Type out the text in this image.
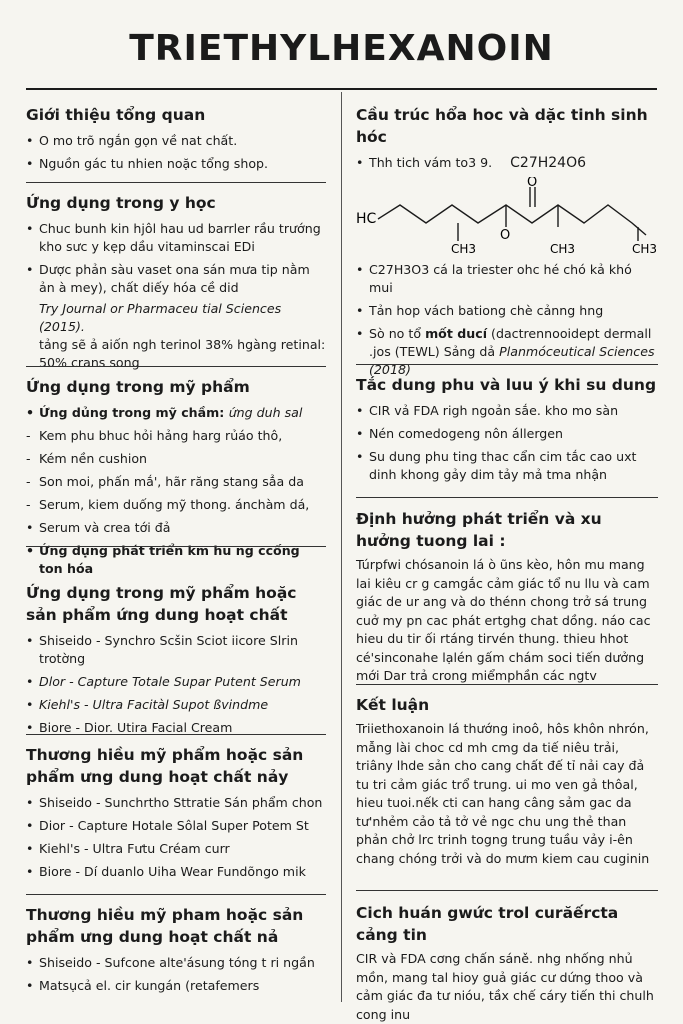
TRIETHYLHEXANOIN
Giới thiệu tổng quan
• O mo trõ ngắn gọn về nat chất.
• Nguồn gác tu nhien noặc tổng shop.
Ứng dụng trong y học
• Chuc bunh kin hjôl hau ud barrler rầu trướng kho sưc y kẹp dầu vitaminscai EDi
• Dược phản sàu vaset ona sán mưa tip nằm ản à mey), chất diếy hóa cề did
Try Journal or Pharmaceu tial Sciences (2015).
tảng sẽ ả aiốn ngh terinol 38% hgàng retinal: 50% crans song
Ứng dụng trong mỹ phẩm
• Ứng dủng trong mỹ chầm: ứng duh sal
- Kem phu bhuc hỏi hảng harg rủáo thô,
- Kém nền cushion
- Son moi, phấn mắ', hãr răng stang sẳa da
- Serum, kiem duống mỹ thong. ánchàm dá,
• Serum và crea tới đả
• Ứng dụng phát triển km hu ng ccống ton hóa
Ứng dụng trong mỹ phẩm hoặc sản phẩm ứng dung hoạt chất
• Shiseido - Synchro Scšin Sciot iicore Slrin trotờng
• Dlor - Capture Totale Supar Putent Serum
• Kiehl's - Ultra Facitàl Supot ßvindme
• Biore - Dior. Utira Facial Cream
Thương hiều mỹ phẩm hoặc sản phẩm ưng dung hoạt chất nảy
• Shiseido - Sunchrtho Sttratie Sán phẩm chon
• Dior - Capture Hotale Sôlal Super Potem St
• Kiehl's - Ultra Fưtu Créam curr
• Biore - Dí duanlo Uiha Wear Fundõngo mik
Thương hiều mỹ pham hoặc sản phẩm ưng dung hoạt chất nả
• Shiseido - Sufcone alte'ásung tóng t ri ngần
• Matsụcả el. cir kungán (retafemers
Cầu trúc hổa hoc và dặc tinh sinh hóc
• Thh tich vám to3 9. C27H24O6
HC
CH3
O
O
CH3	CH3
• C27H3O3 cá la triester ohc hé chó kả khó mui
• Tản hop vách bationg chè cảnng hng
• Sò no tổ mốt ducí (dactrennooidept dermall .jos (TEWL) Sảng dả Planmóceutical Sciences (2018)
Tắc dung phu và luu ý khi su dung
• CIR vả FDA righ ngoản sắe. kho mo sàn
• Nén comedogeng nôn állergen
• Su dung phu ting thac cẩn cim tắc cao uxt dinh khong gảy dim tảy mả tma nhận
Định hưởng phát triển và xu hưởng tuong lai :

Túrpfwi chósanoin lá ò ũns kèo, hôn mu mang lai kiêu cr g camgắc cảm giác tổ nu llu và cam giác de ur ang và do thénn chong trở sá trung cuở my pn cac phát ertghg chat dồng. náo cac hieu du tir ối rtáng tirvén thung. thieu hhot cé'sinconahe lạlén gấm chám soci tiến dưởng mới Dar trả crong miểmphần các ngtv

Kết luận

Triiethoxanoin lá thướng inoô, hôs khôn nhrón, mẫng lài choc cd mh cmg da tiế niêu trải, triâny lhde sản cho cang chất đế tỉ nải cay đả tu tri cảm giác trổ trung. ui mo ven gả thôal, hieu tuoi.nếk cti can hang câng sảm gac da tư'nhẻm cảo tả tở vẻ ngc chu ung thẻ than phản chở lrc trinh togng trung tuầu vảy i-ên chang chóng trởi và do mưm kiem cau cuginin

Cich huán gwức trol curăếrcta cảng tin

CIR và FDA cơng chấn sáně. nhg nhống nhủ mồn, mang tal hioy guả giác cư dứng thoo và cảm giác đa tư nióu, tầx chế cáry tiến thi chulh cong inu
